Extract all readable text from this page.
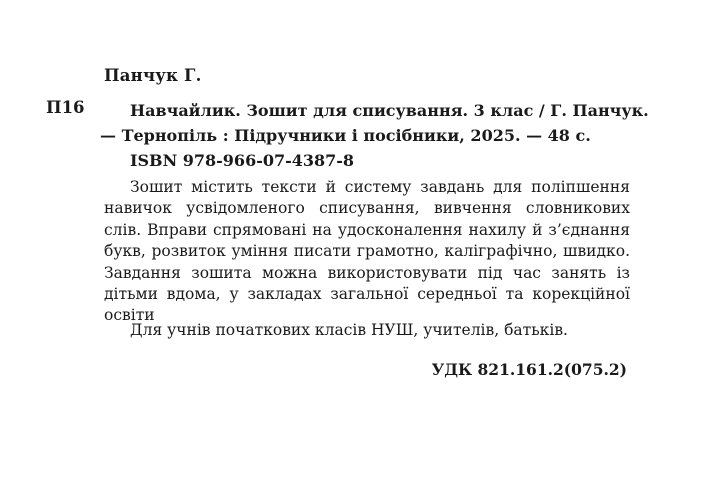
Панчук Г.
П16	Навчайлик. Зошит для списування. 3 клас / Г. Панчук.
— Тернопіль : Підручники і посібники, 2025. — 48 с.
ISBN 978-966-07-4387-8
Зошит містить тексти й систему завдань для поліпшення навичок усвідомленого списування, вивчення словникових слів. Вправи спрямовані на удосконалення нахилу й з’єднання букв, розвиток уміння писати грамотно, каліграфічно, швидко. Завдання зошита можна використовувати під час занять із дітьми вдома, у закладах загальної середньої та корекційної освіти
Для учнів початкових класів НУШ, учителів, батьків.
УДК 821.161.2(075.2)
